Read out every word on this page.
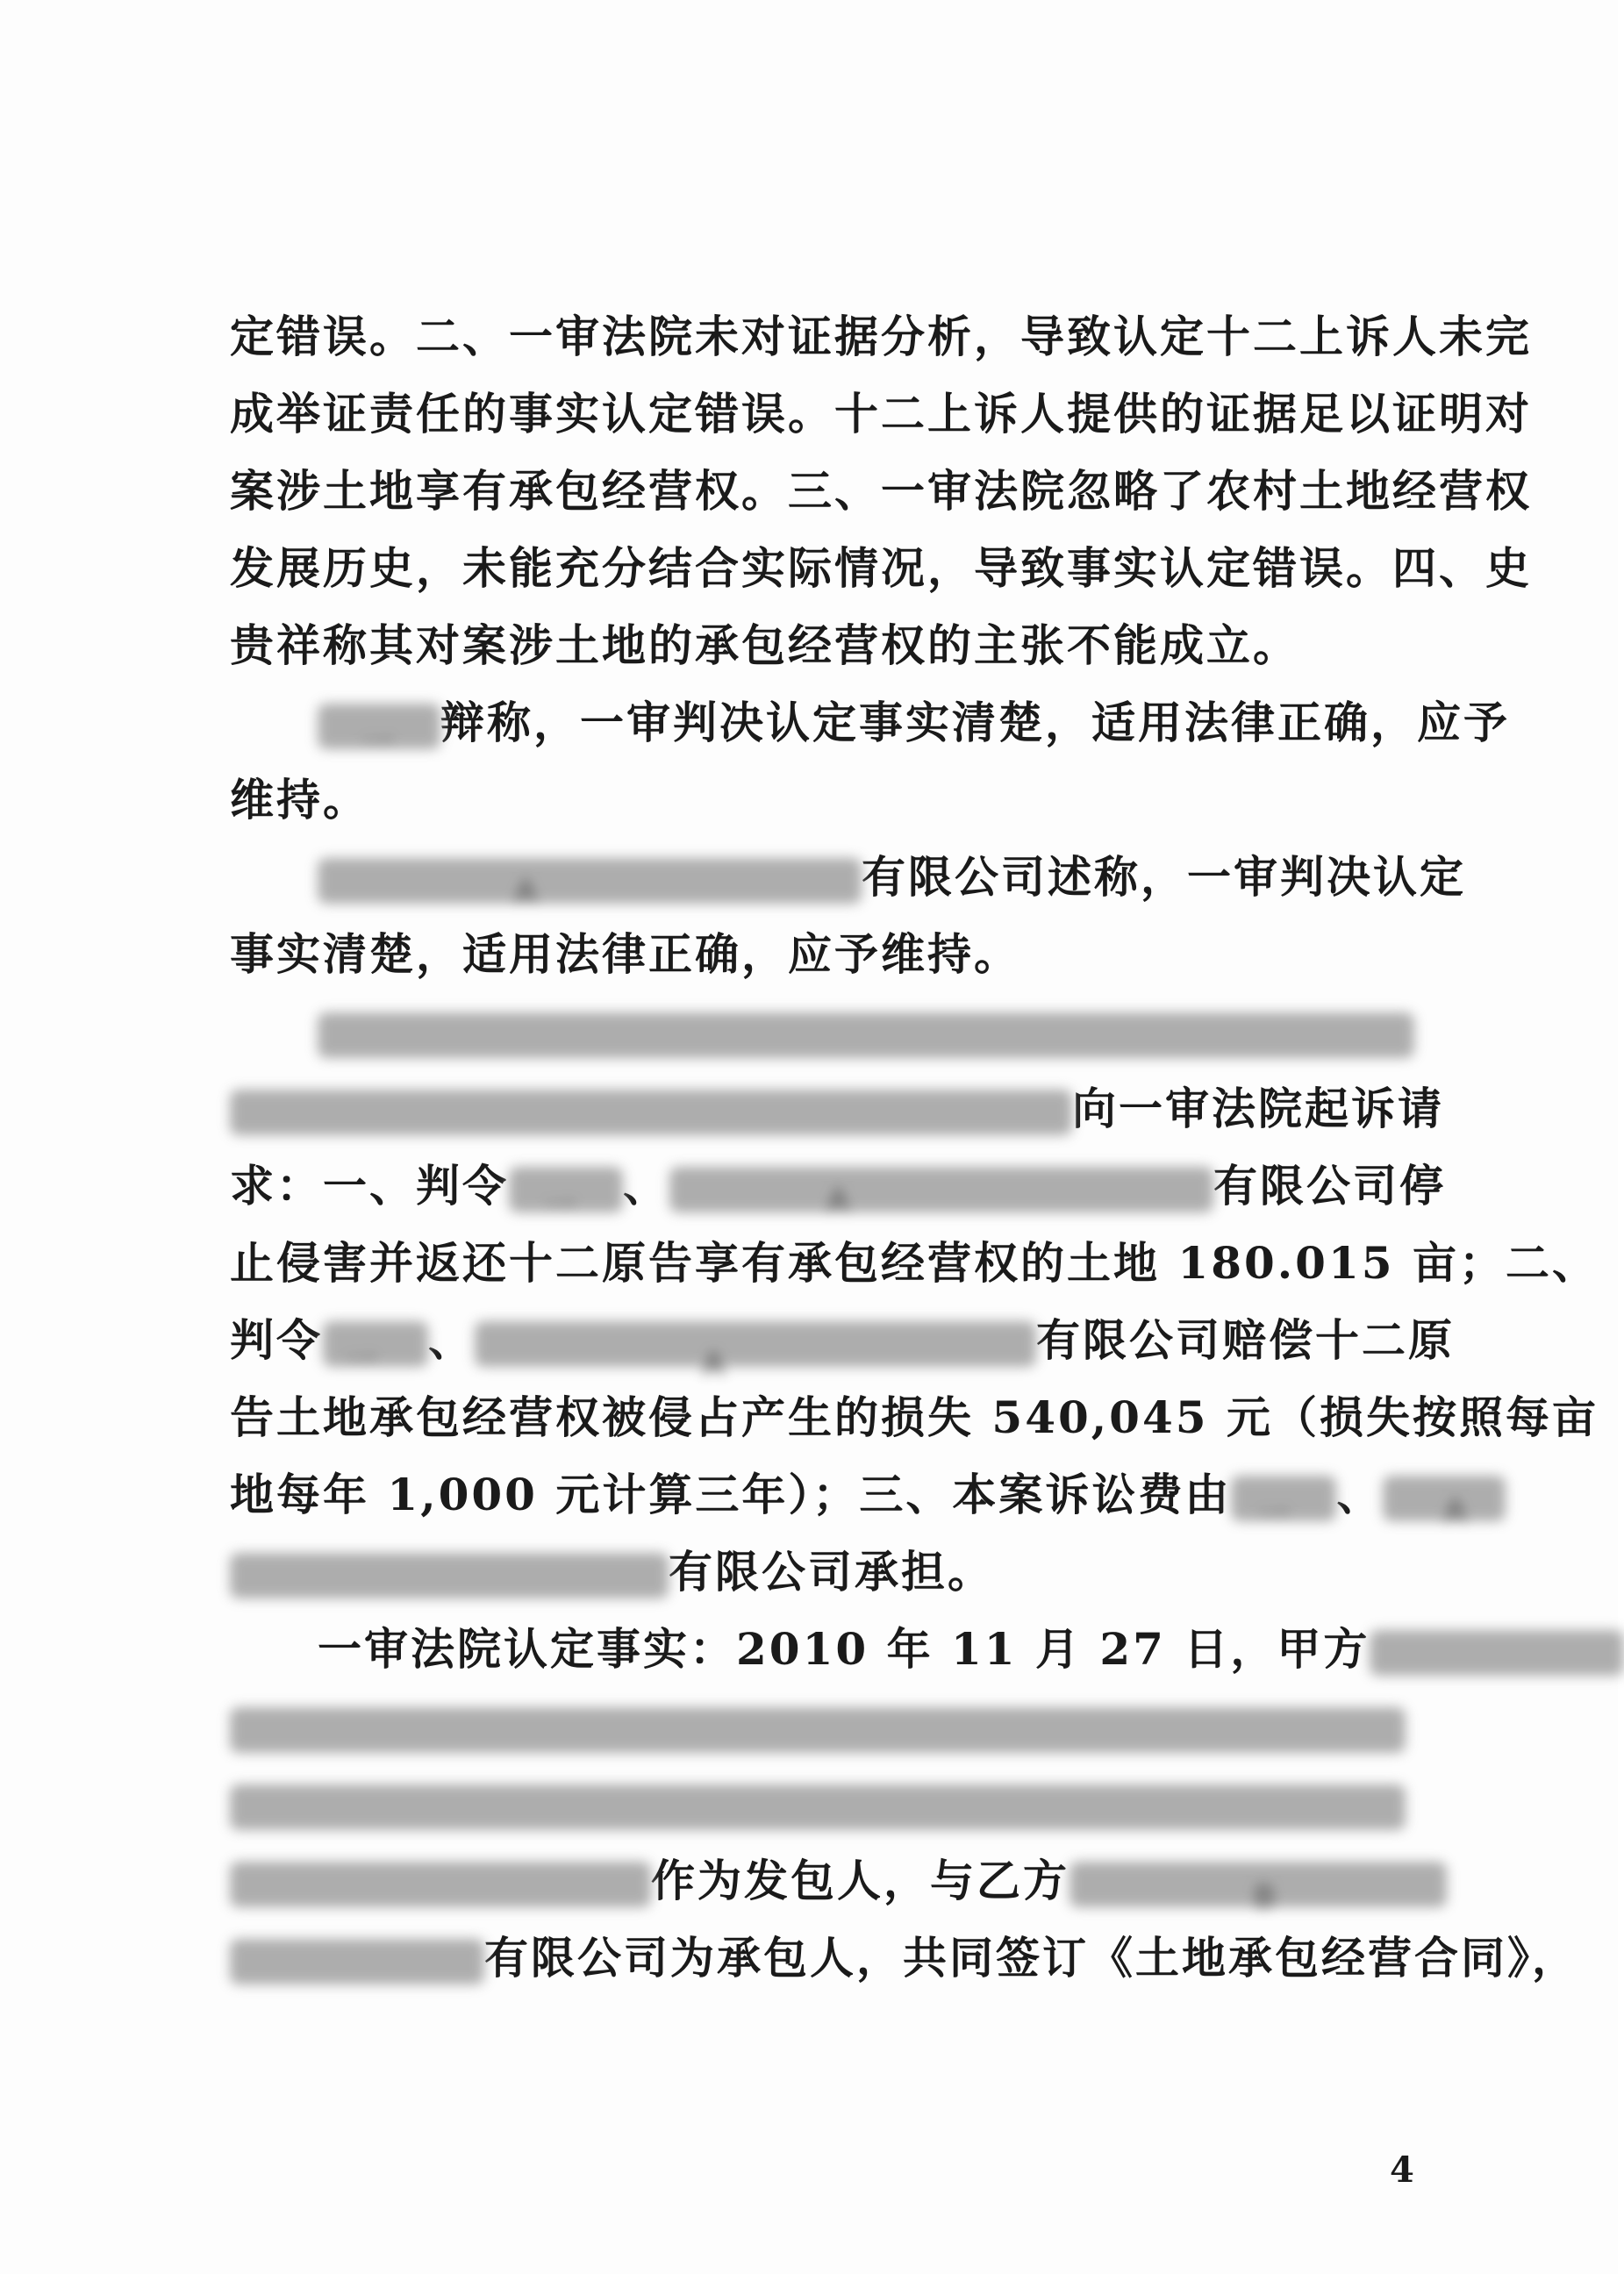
定错误。二、一审法院未对证据分析，导致认定十二上诉人未完
成举证责任的事实认定错误。十二上诉人提供的证据足以证明对
案涉土地享有承包经营权。三、一审法院忽略了农村土地经营权
发展历史，未能充分结合实际情况，导致事实认定错误。四、史
贵祥称其对案涉土地的承包经营权的主张不能成立。
一 辩称，一审判决认定事实清楚，适用法律正确，应予
维持。
A	有限公司述称，一审判决认定
事实清楚，适用法律正确，应予维持。
向一审法院起诉请
求：一、判令 一 、	A	有限公司停
止侵害并返还十二原告享有承包经营权的土地 180.015 亩；二、
判令 一 、	A	有限公司赔偿十二原
告土地承包经营权被侵占产生的损失 540,045 元（损失按照每亩
地每年 1,000 元计算三年）；三、本案诉讼费由 一 、 A
有限公司承担。
一审法院认定事实：2010 年 11 月 27 日，甲方
作为发包人，与乙方	B
有限公司为承包人，共同签订《土地承包经营合同》，
4
